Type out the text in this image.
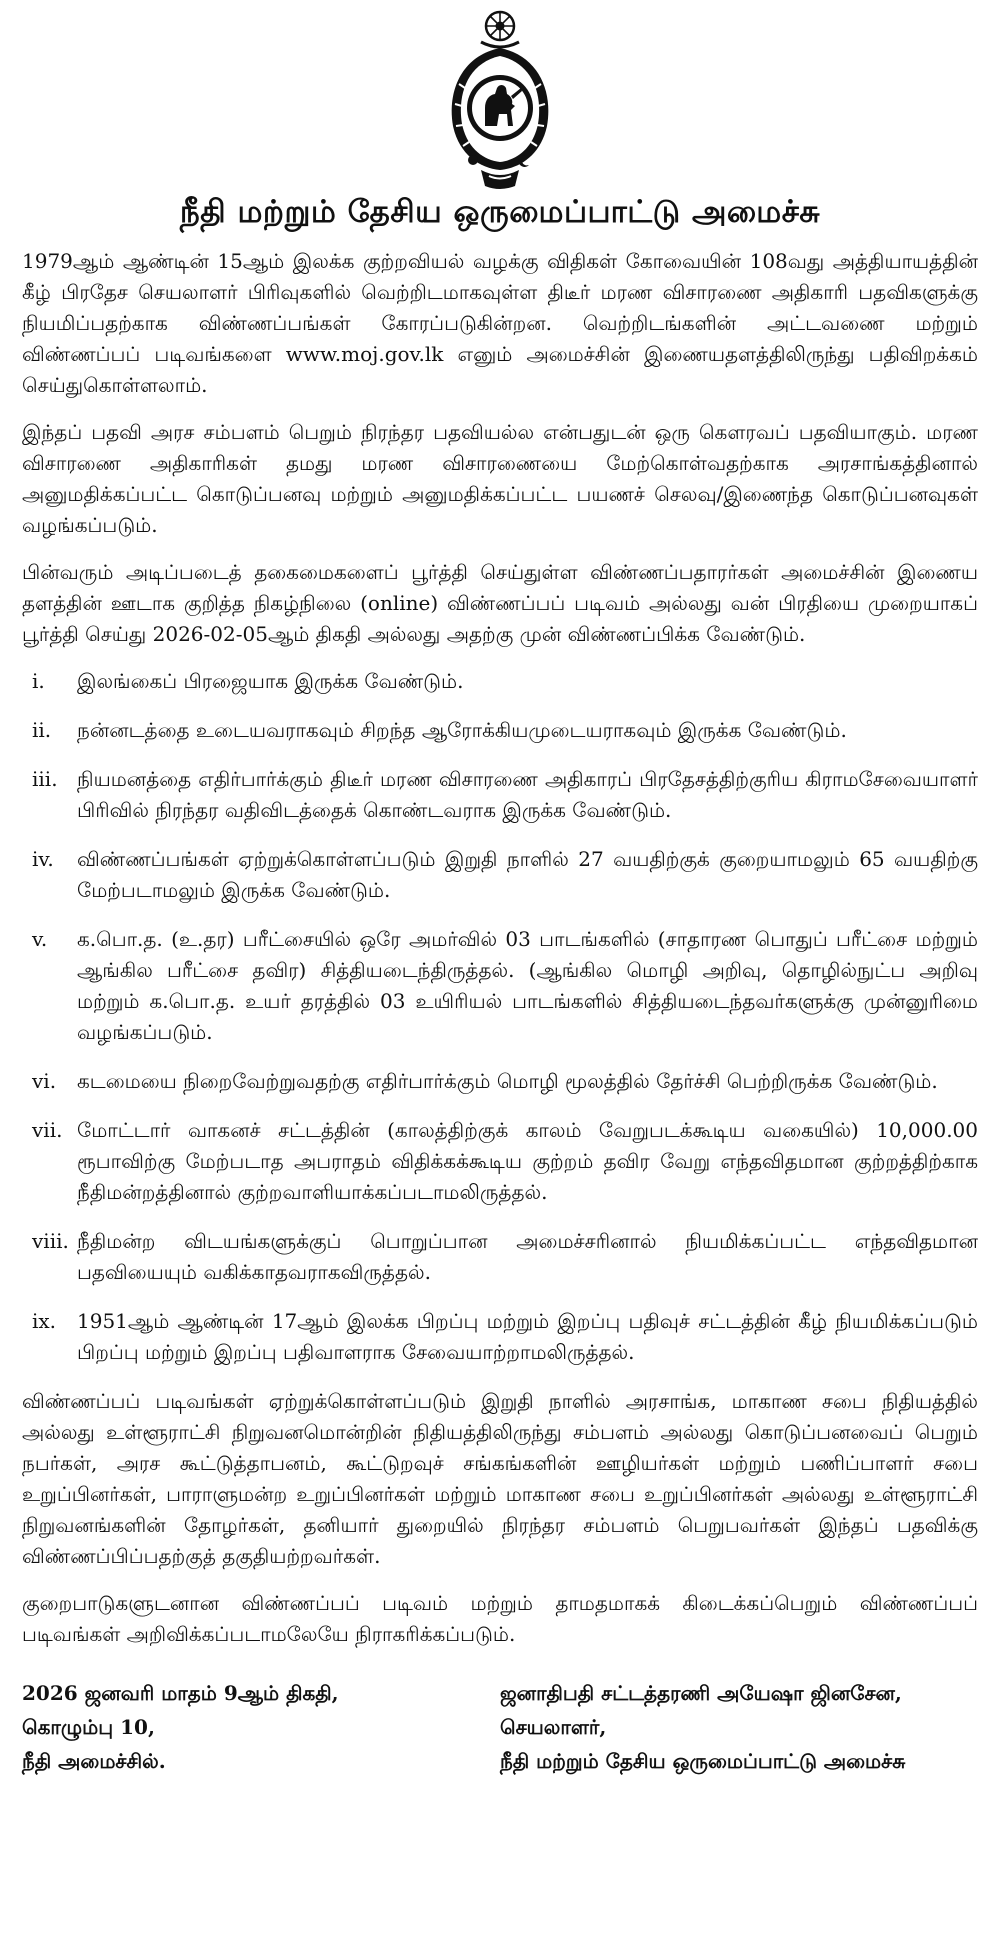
நீதி மற்றும் தேசிய ஒருமைப்பாட்டு அமைச்சு

1979ஆம் ஆண்டின் 15ஆம் இலக்க குற்றவியல் வழக்கு விதிகள் கோவையின் 108வது அத்தியாயத்தின் கீழ் பிரதேச செயலாளர் பிரிவுகளில் வெற்றிடமாகவுள்ள திடீர் மரண விசாரணை அதிகாரி பதவிகளுக்கு நியமிப்பதற்காக விண்ணப்பங்கள் கோரப்படுகின்றன. வெற்றிடங்களின் அட்டவணை மற்றும் விண்ணப்பப் படிவங்களை www.moj.gov.lk எனும் அமைச்சின் இணையதளத்திலிருந்து பதிவிறக்கம் செய்துகொள்ளலாம்.

இந்தப் பதவி அரச சம்பளம் பெறும் நிரந்தர பதவியல்ல என்பதுடன் ஒரு கௌரவப் பதவியாகும். மரண விசாரணை அதிகாரிகள் தமது மரண விசாரணையை மேற்கொள்வதற்காக அரசாங்கத்தினால் அனுமதிக்கப்பட்ட கொடுப்பனவு மற்றும் அனுமதிக்கப்பட்ட பயணச் செலவு/இணைந்த கொடுப்பனவுகள் வழங்கப்படும்.

பின்வரும் அடிப்படைத் தகைமைகளைப் பூர்த்தி செய்துள்ள விண்ணப்பதாரர்கள் அமைச்சின் இணைய தளத்தின் ஊடாக குறித்த நிகழ்நிலை (online) விண்ணப்பப் படிவம் அல்லது வன் பிரதியை முறையாகப் பூர்த்தி செய்து 2026-02-05ஆம் திகதி அல்லது அதற்கு முன் விண்ணப்பிக்க வேண்டும்.

i.	இலங்கைப் பிரஜையாக இருக்க வேண்டும்.
ii.	நன்னடத்தை உடையவராகவும் சிறந்த ஆரோக்கியமுடையராகவும் இருக்க வேண்டும்.
iii. நியமனத்தை எதிர்பார்க்கும் திடீர் மரண விசாரணை அதிகாரப் பிரதேசத்திற்குரிய கிராமசேவையாளர் பிரிவில் நிரந்தர வதிவிடத்தைக் கொண்டவராக இருக்க வேண்டும்.
iv.	விண்ணப்பங்கள் ஏற்றுக்கொள்ளப்படும் இறுதி நாளில் 27 வயதிற்குக் குறையாமலும் 65 வயதிற்கு மேற்படாமலும் இருக்க வேண்டும்.
v.	க.பொ.த. (உ.தர) பரீட்சையில் ஒரே அமர்வில் 03 பாடங்களில் (சாதாரண பொதுப் பரீட்சை மற்றும் ஆங்கில பரீட்சை தவிர) சித்தியடைந்திருத்தல். (ஆங்கில மொழி அறிவு, தொழில்நுட்ப அறிவு மற்றும் க.பொ.த. உயர் தரத்தில் 03 உயிரியல் பாடங்களில் சித்தியடைந்தவர்களுக்கு முன்னுரிமை வழங்கப்படும்.
vi.	கடமையை நிறைவேற்றுவதற்கு எதிர்பார்க்கும் மொழி மூலத்தில் தேர்ச்சி பெற்றிருக்க வேண்டும்.
vii. மோட்டார் வாகனச் சட்டத்தின் (காலத்திற்குக் காலம் வேறுபடக்கூடிய வகையில்) 10,000.00 ரூபாவிற்கு மேற்படாத அபராதம் விதிக்கக்கூடிய குற்றம் தவிர வேறு எந்தவிதமான குற்றத்திற்காக நீதிமன்றத்தினால் குற்றவாளியாக்கப்படாமலிருத்தல்.
viii. நீதிமன்ற விடயங்களுக்குப் பொறுப்பான அமைச்சரினால் நியமிக்கப்பட்ட எந்தவிதமான பதவியையும் வகிக்காதவராகவிருத்தல்.
ix.	1951ஆம் ஆண்டின் 17ஆம் இலக்க பிறப்பு மற்றும் இறப்பு பதிவுச் சட்டத்தின் கீழ் நியமிக்கப்படும் பிறப்பு மற்றும் இறப்பு பதிவாளராக சேவையாற்றாமலிருத்தல்.

விண்ணப்பப் படிவங்கள் ஏற்றுக்கொள்ளப்படும் இறுதி நாளில் அரசாங்க, மாகாண சபை நிதியத்தில் அல்லது உள்ளூராட்சி நிறுவனமொன்றின் நிதியத்திலிருந்து சம்பளம் அல்லது கொடுப்பனவைப் பெறும் நபர்கள், அரச கூட்டுத்தாபனம், கூட்டுறவுச் சங்கங்களின் ஊழியர்கள் மற்றும் பணிப்பாளர் சபை உறுப்பினர்கள், பாராளுமன்ற உறுப்பினர்கள் மற்றும் மாகாண சபை உறுப்பினர்கள் அல்லது உள்ளூராட்சி நிறுவனங்களின் தோழர்கள், தனியார் துறையில் நிரந்தர சம்பளம் பெறுபவர்கள் இந்தப் பதவிக்கு விண்ணப்பிப்பதற்குத் தகுதியற்றவர்கள்.

குறைபாடுகளுடனான விண்ணப்பப் படிவம் மற்றும் தாமதமாகக் கிடைக்கப்பெறும் விண்ணப்பப் படிவங்கள் அறிவிக்கப்படாமலேயே நிராகரிக்கப்படும்.

2026 ஜனவரி மாதம் 9ஆம் திகதி,
கொழும்பு 10,
நீதி அமைச்சில்.
ஜனாதிபதி சட்டத்தரணி அயேஷா ஜினசேன,
செயலாளர்,
நீதி மற்றும் தேசிய ஒருமைப்பாட்டு அமைச்சு
